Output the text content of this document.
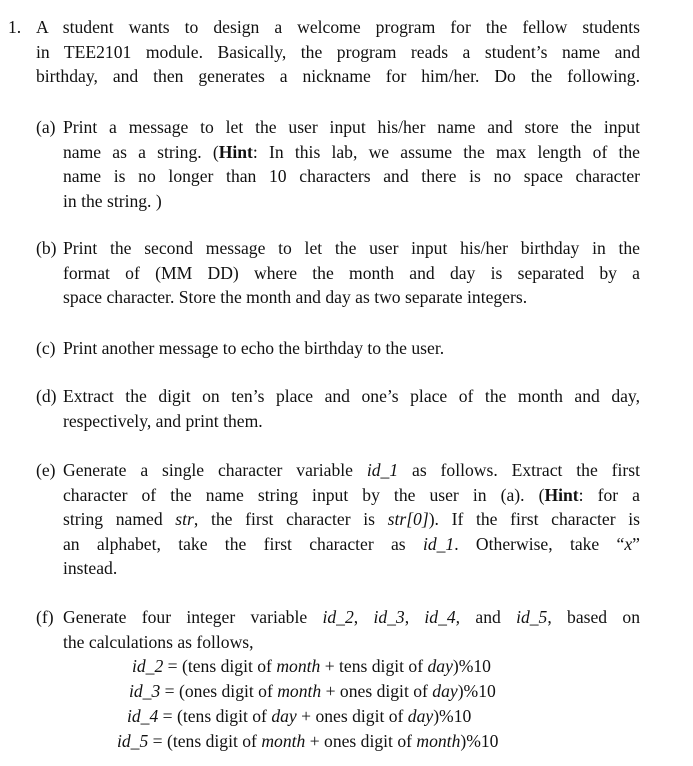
1. A student wants to design a welcome program for the fellow students
in TEE2101 module. Basically, the program reads a student’s name and
birthday, and then generates a nickname for him/her. Do the following.
(a) Print a message to let the user input his/her name and store the input
name as a string. (Hint: In this lab, we assume the max length of the
name is no longer than 10 characters and there is no space character
in the string. )
(b) Print the second message to let the user input his/her birthday in the
format of (MM DD) where the month and day is separated by a
space character. Store the month and day as two separate integers.
(c) Print another message to echo the birthday to the user.
(d) Extract the digit on ten’s place and one’s place of the month and day,
respectively, and print them.
(e) Generate a single character variable id_1 as follows. Extract the first
character of the name string input by the user in (a). (Hint: for a
string named str, the first character is str[0]). If the first character is
an alphabet, take the first character as id_1. Otherwise, take “x”
instead.
(f) Generate four integer variable id_2, id_3, id_4, and id_5, based on
the calculations as follows,
id_2 = (tens digit of month + tens digit of day)%10
id_3 = (ones digit of month + ones digit of day)%10
id_4 = (tens digit of day + ones digit of day)%10
id_5 = (tens digit of month + ones digit of month)%10
